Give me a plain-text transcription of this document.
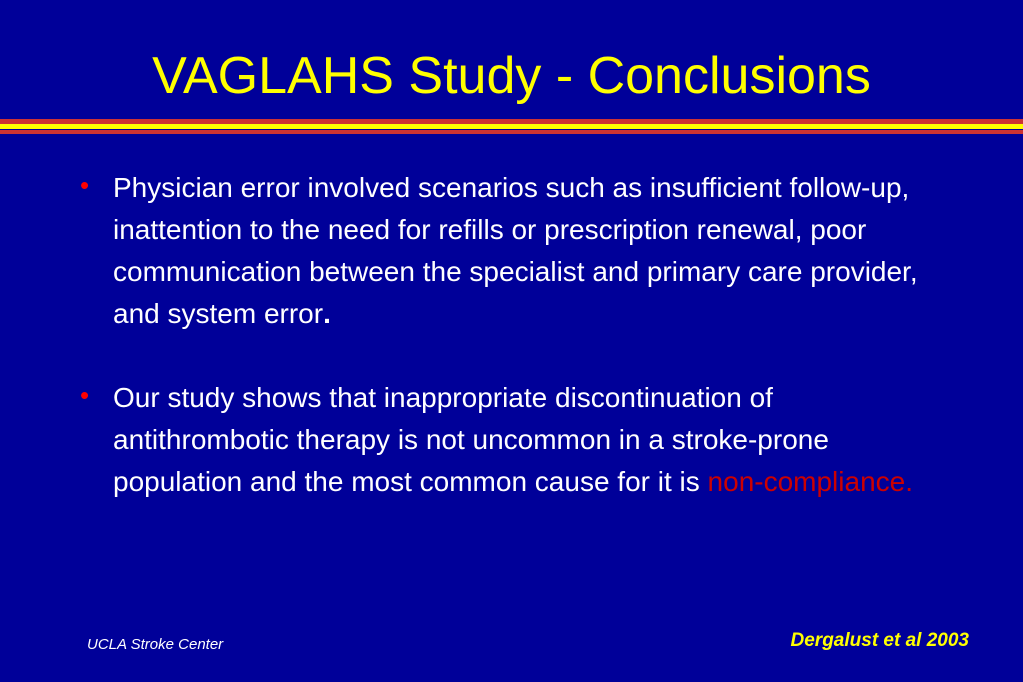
VAGLAHS Study - Conclusions
• Physician error involved scenarios such as insufficient follow-up, inattention to the need for refills or prescription renewal, poor communication between the specialist and primary care provider, and system error.
• Our study shows that inappropriate discontinuation of antithrombotic therapy is not uncommon in a stroke-prone population and the most common cause for it is non-compliance.
UCLA Stroke Center	Dergalust et al 2003
